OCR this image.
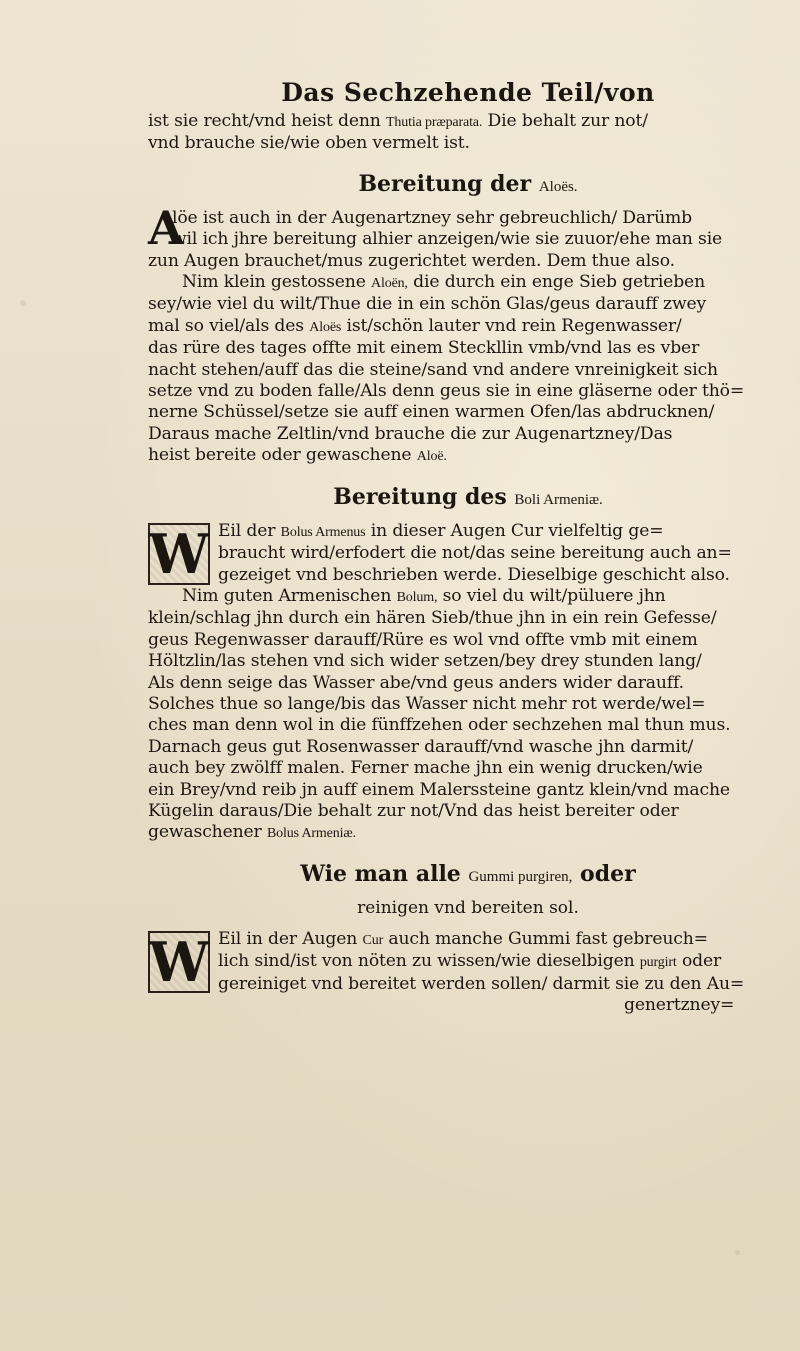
Das Sechzehende Teil/von
ist sie recht/vnd heist denn Thutia præparata. Die behalt zur not/
vnd brauche sie/wie oben vermelt ist.
Bereitung der Aloës.
A
löe ist auch in der Augenartzney sehr gebreuchlich/ Darümb
wil ich jhre bereitung alhier anzeigen/wie sie zuuor/ehe man sie
zun Augen brauchet/mus zugerichtet werden. Dem thue also.
Nim klein gestossene Aloën, die durch ein enge Sieb getrieben
sey/wie viel du wilt/Thue die in ein schön Glas/geus darauff zwey
mal so viel/als des Aloës ist/schön lauter vnd rein Regenwasser/
das rüre des tages offte mit einem Steckllin vmb/vnd las es vber
nacht stehen/auff das die steine/sand vnd andere vnreinigkeit sich
setze vnd zu boden falle/Als denn geus sie in eine gläserne oder thö=
nerne Schüssel/setze sie auff einen warmen Ofen/las abdrucknen/
Daraus mache Zeltlin/vnd brauche die zur Augenartzney/Das
heist bereite oder gewaschene Aloë.
Bereitung des Boli Armeniæ.
W Eil der Bolus Armenus in dieser Augen Cur vielfeltig ge=
braucht wird/erfodert die not/das seine bereitung auch an=
gezeiget vnd beschrieben werde. Dieselbige geschicht also.
Nim guten Armenischen Bolum, so viel du wilt/püluere jhn
klein/schlag jhn durch ein hären Sieb/thue jhn in ein rein Gefesse/
geus Regenwasser darauff/Rüre es wol vnd offte vmb mit einem
Höltzlin/las stehen vnd sich wider setzen/bey drey stunden lang/
Als denn seige das Wasser abe/vnd geus anders wider darauff.
Solches thue so lange/bis das Wasser nicht mehr rot werde/wel=
ches man denn wol in die fünffzehen oder sechzehen mal thun mus.
Darnach geus gut Rosenwasser darauff/vnd wasche jhn darmit/
auch bey zwölff malen. Ferner mache jhn ein wenig drucken/wie
ein Brey/vnd reib jn auff einem Malerssteine gantz klein/vnd mache
Kügelin daraus/Die behalt zur not/Vnd das heist bereiter oder
gewaschener Bolus Armeniæ.
Wie man alle Gummi purgiren, oder
reinigen vnd bereiten sol.
W Eil in der Augen Cur auch manche Gummi fast gebreuch=
lich sind/ist von nöten zu wissen/wie dieselbigen purgirt oder
gereiniget vnd bereitet werden sollen/ darmit sie zu den Au=
genertzney=
